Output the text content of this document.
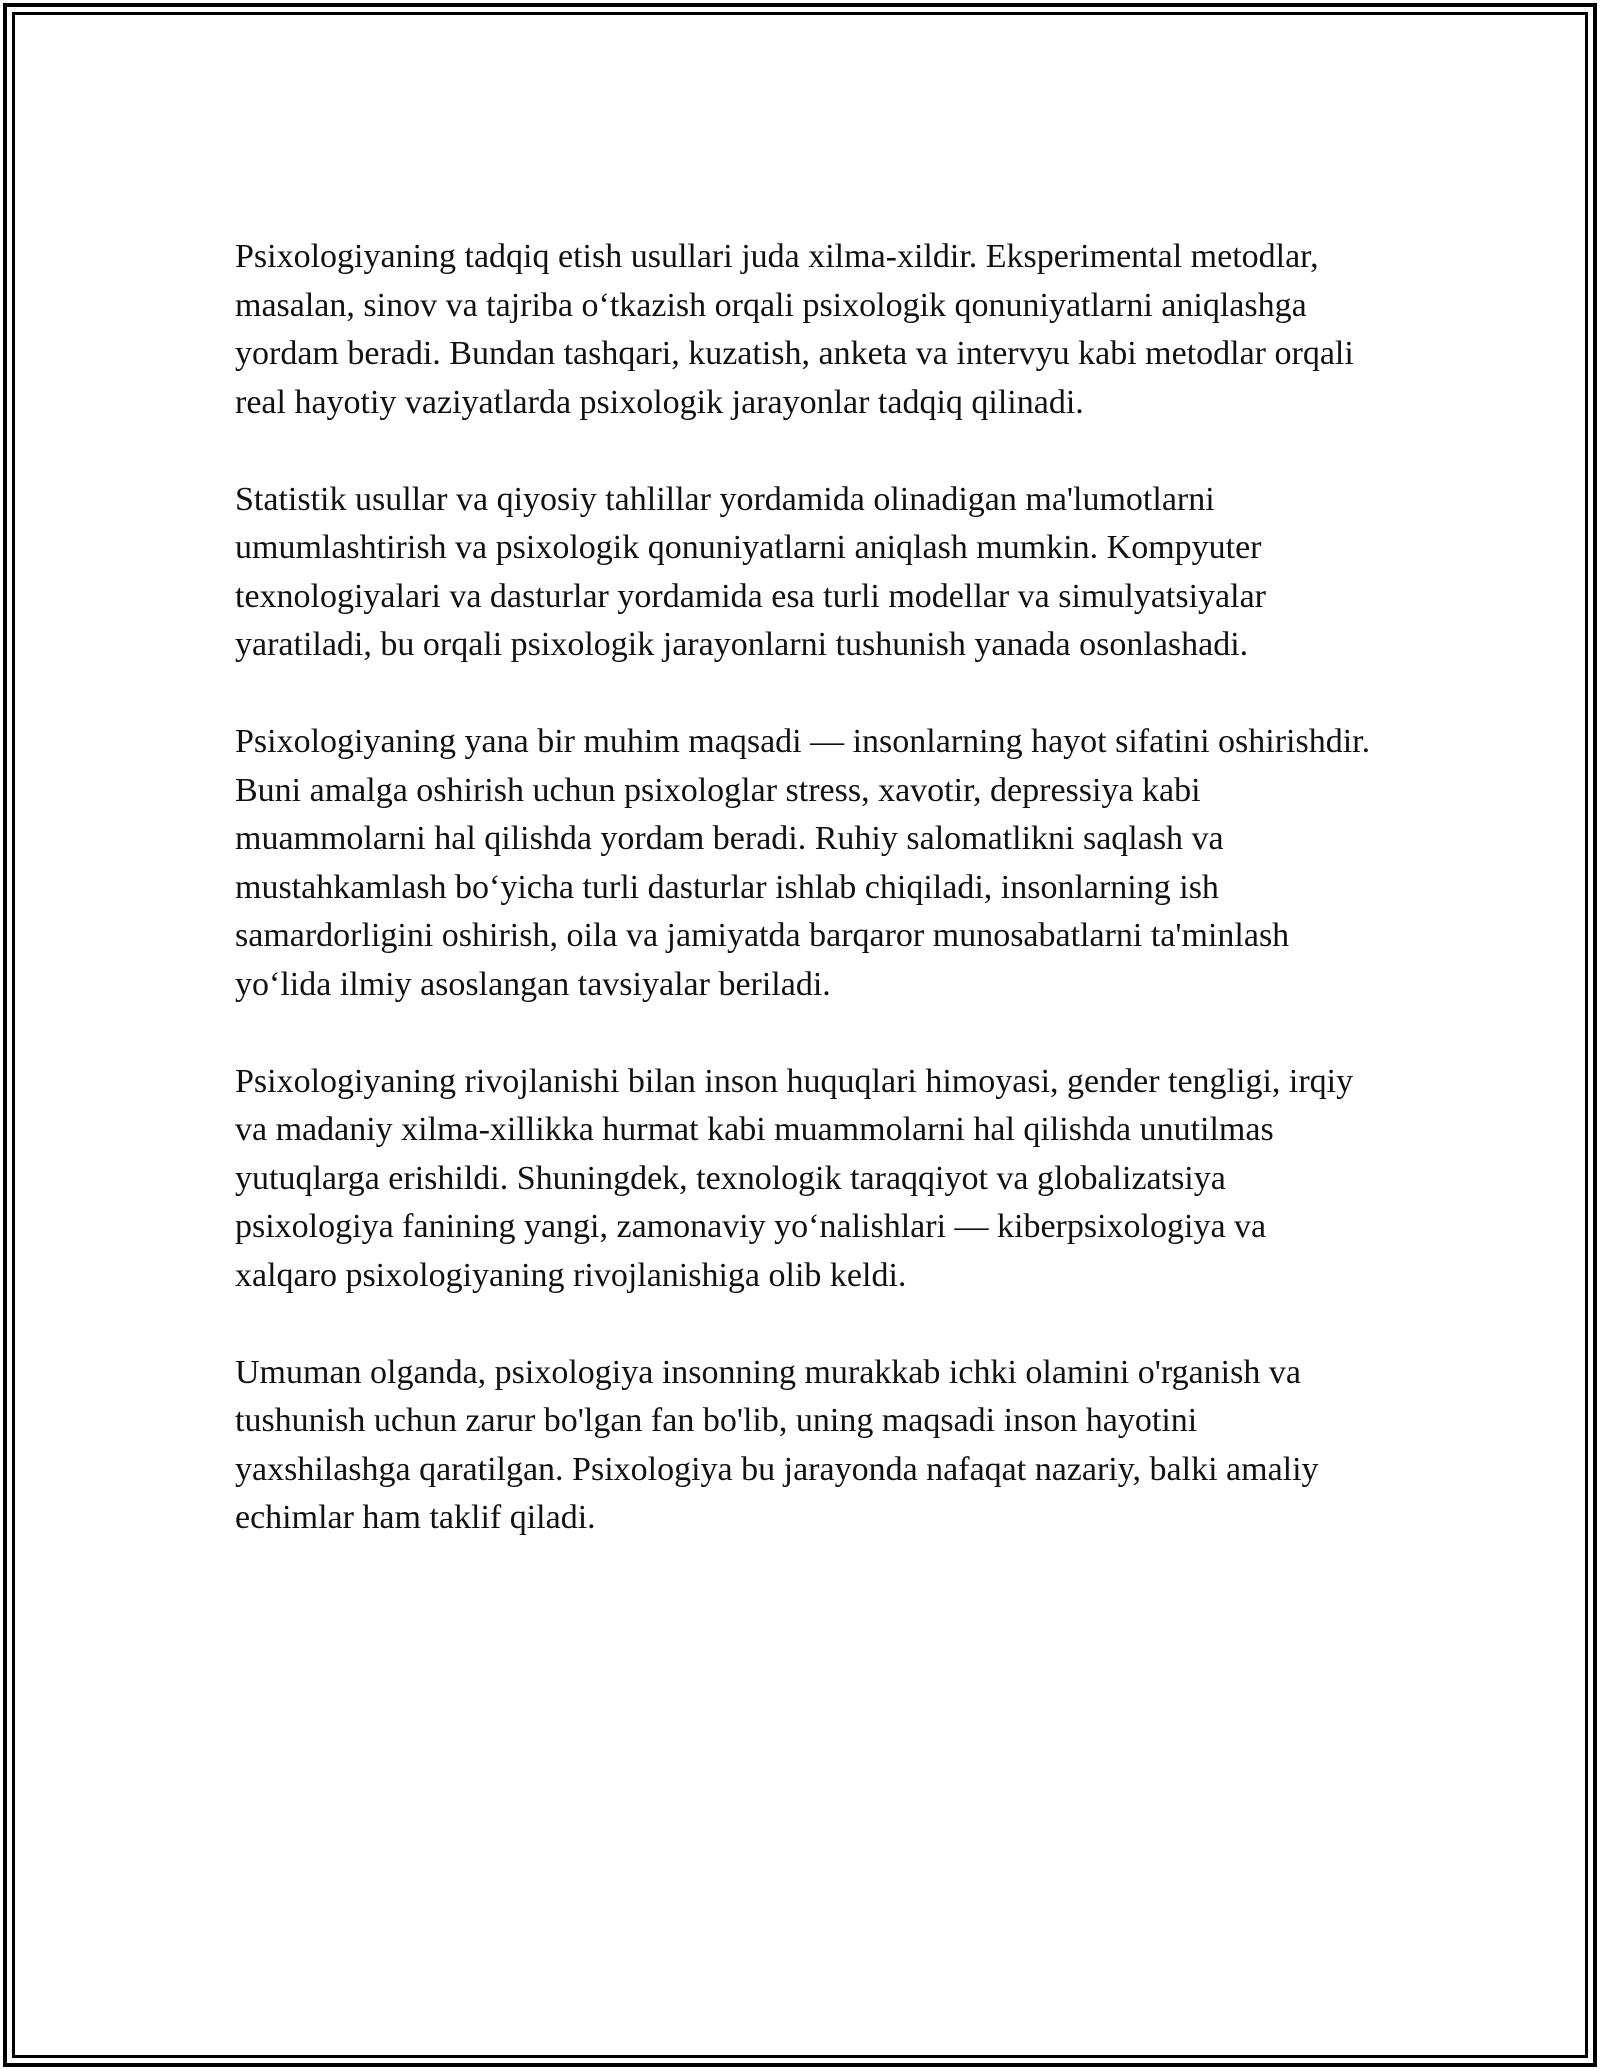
Psixologiyaning tadqiq etish usullari juda xilma-xildir. Eksperimental metodlar, masalan, sinov va tajriba o‘tkazish orqali psixologik qonuniyatlarni aniqlashga yordam beradi. Bundan tashqari, kuzatish, anketa va intervyu kabi metodlar orqali real hayotiy vaziyatlarda psixologik jarayonlar tadqiq qilinadi.

Statistik usullar va qiyosiy tahlillar yordamida olinadigan ma'lumotlarni umumlashtirish va psixologik qonuniyatlarni aniqlash mumkin. Kompyuter texnologiyalari va dasturlar yordamida esa turli modellar va simulyatsiyalar yaratiladi, bu orqali psixologik jarayonlarni tushunish yanada osonlashadi.

Psixologiyaning yana bir muhim maqsadi — insonlarning hayot sifatini oshirishdir. Buni amalga oshirish uchun psixologlar stress, xavotir, depressiya kabi muammolarni hal qilishda yordam beradi. Ruhiy salomatlikni saqlash va mustahkamlash bo‘yicha turli dasturlar ishlab chiqiladi, insonlarning ish samardorligini oshirish, oila va jamiyatda barqaror munosabatlarni ta'minlash yo‘lida ilmiy asoslangan tavsiyalar beriladi.

Psixologiyaning rivojlanishi bilan inson huquqlari himoyasi, gender tengligi, irqiy va madaniy xilma-xillikka hurmat kabi muammolarni hal qilishda unutilmas yutuqlarga erishildi. Shuningdek, texnologik taraqqiyot va globalizatsiya psixologiya fanining yangi, zamonaviy yo‘nalishlari — kiberpsixologiya va xalqaro psixologiyaning rivojlanishiga olib keldi.

Umuman olganda, psixologiya insonning murakkab ichki olamini o'rganish va tushunish uchun zarur bo'lgan fan bo'lib, uning maqsadi inson hayotini yaxshilashga qaratilgan. Psixologiya bu jarayonda nafaqat nazariy, balki amaliy echimlar ham taklif qiladi.
